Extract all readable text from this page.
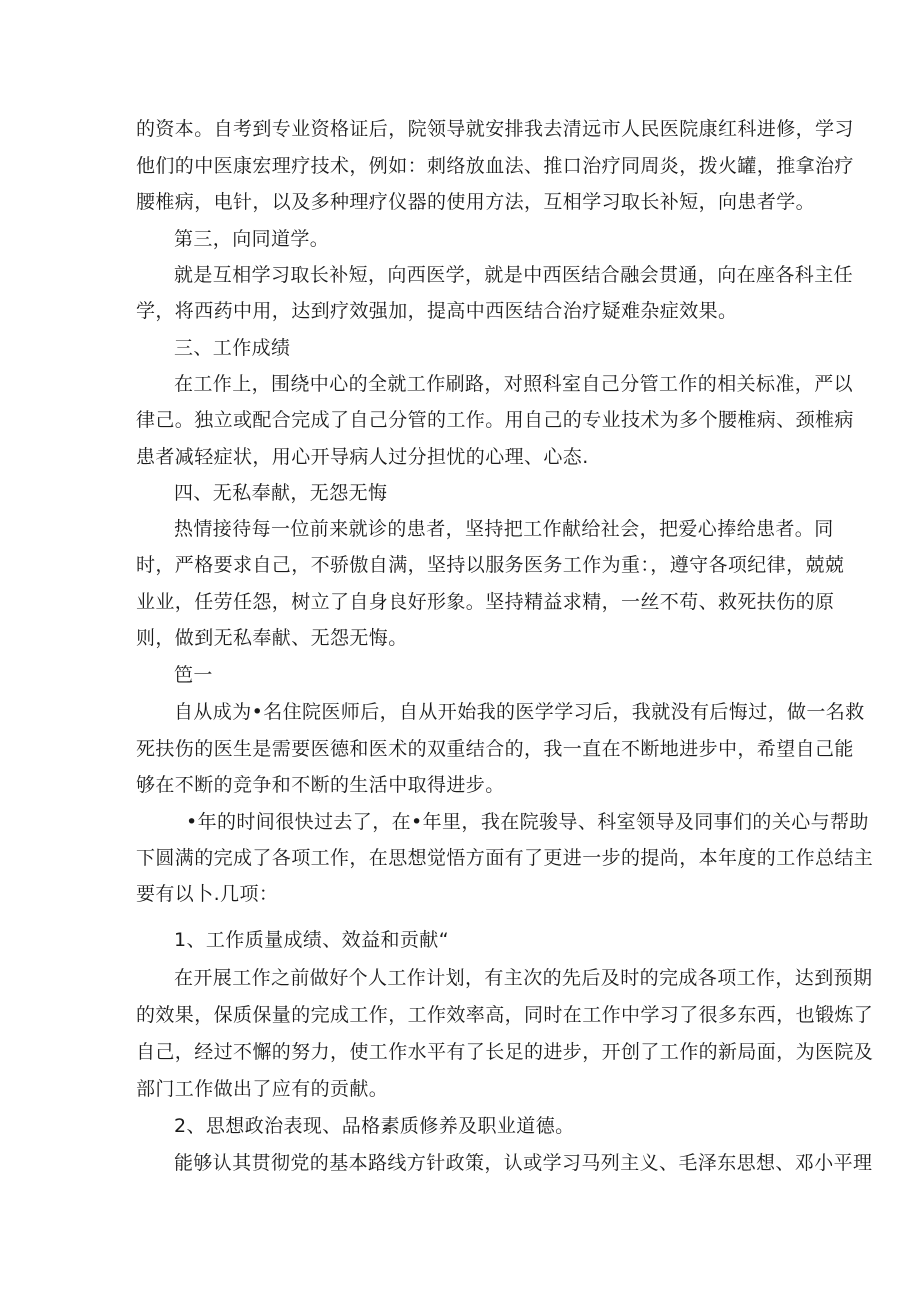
的资本。自考到专业资格证后，院领导就安排我去清远市人民医院康红科进修，学习

他们的中医康宏理疗技术，例如：刺络放血法、推口治疗同周炎，拨火罐，推拿治疗

腰椎病，电针，以及多种理疗仪器的使用方法，互相学习取长补短，向患者学。

第三，向同道学。

就是互相学习取长补短，向西医学，就是中西医结合融会贯通，向在座各科主任

学，将西药中用，达到疗效强加，提高中西医结合治疗疑难杂症效果。

三、工作成绩

在工作上，围绕中心的全就工作刷路，对照科室自己分管工作的相关标准，严以

律己。独立或配合完成了自己分管的工作。用自己的专业技术为多个腰椎病、颈椎病

患者减轻症状，用心开导病人过分担忧的心理、心态.

四、无私奉献，无怨无悔

热情接待每一位前来就诊的患者，坚持把工作献给社会，把爱心捧给患者。同

时，严格要求自己，不骄傲自满，坚持以服务医务工作为重：，遵守各项纪律，兢兢

业业，任劳任怨，树立了自身良好形象。坚持精益求精，一丝不苟、救死扶伤的原

则，做到无私奉献、无怨无悔。

笆一

自从成为•名住院医师后，自从开始我的医学学习后，我就没有后悔过，做一名救

死扶伤的医生是需要医德和医术的双重结合的，我一直在不断地进步中，希望自己能

够在不断的竞争和不断的生活中取得进步。

•年的时间很快过去了，在•年里，我在院骏导、科室领导及同事们的关心与帮助

下圆满的完成了各项工作，在思想觉悟方面有了更进一步的提尚，本年度的工作总结主

要有以卜.几项：

1、工作质量成绩、效益和贡献“

在开展工作之前做好个人工作计划，有主次的先后及时的完成各项工作，达到预期

的效果，保质保量的完成工作，工作效率高，同时在工作中学习了很多东西，也锻炼了

自己，经过不懈的努力，使工作水平有了长足的进步，开创了工作的新局面，为医院及

部门工作做出了应有的贡献。

2、思想政治表现、品格素质修养及职业道德。

能够认其贯彻党的基本路线方针政策，认或学习马列主义、毛泽东思想、邓小平理
